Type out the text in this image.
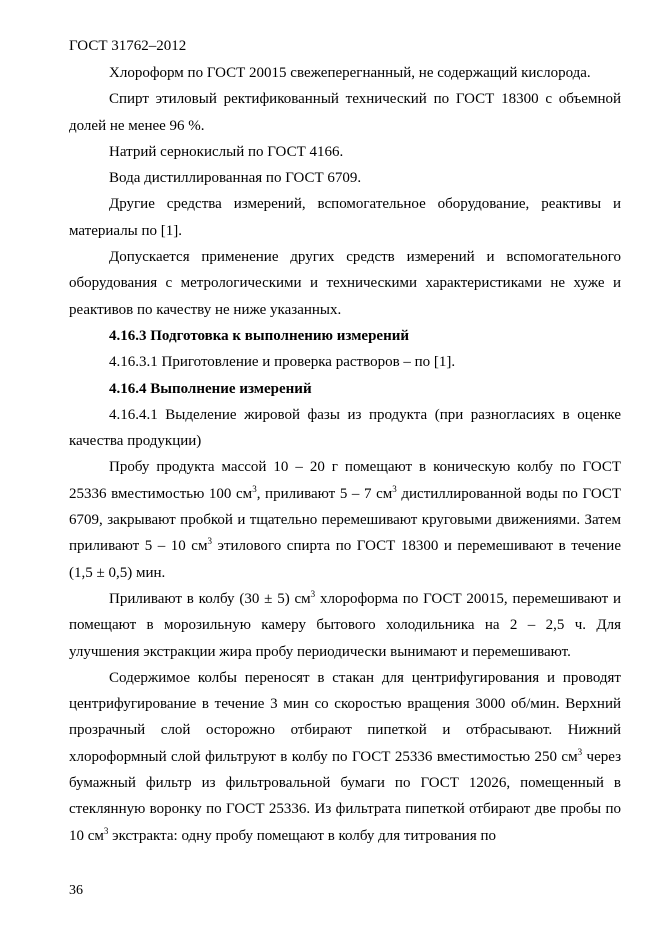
ГОСТ 31762–2012

Хлороформ по ГОСТ 20015 свежеперегнанный, не содержащий кислорода.

Спирт этиловый ректификованный технический по ГОСТ 18300 с объемной долей не менее 96 %.

Натрий сернокислый по ГОСТ 4166.

Вода дистиллированная по ГОСТ 6709.

Другие средства измерений, вспомогательное оборудование, реактивы и материалы по [1].

Допускается применение других средств измерений и вспомогательного оборудования с метрологическими и техническими характеристиками не хуже и реактивов по качеству не ниже указанных.

4.16.3 Подготовка к выполнению измерений

4.16.3.1 Приготовление и проверка растворов – по [1].

4.16.4 Выполнение измерений

4.16.4.1 Выделение жировой фазы из продукта (при разногласиях в оценке качества продукции)

Пробу продукта массой 10 – 20 г помещают в коническую колбу по ГОСТ 25336 вместимостью 100 $см^3$, приливают 5 – 7 $см^3$ дистиллированной воды по ГОСТ 6709, закрывают пробкой и тщательно перемешивают круговыми движениями. Затем приливают 5 – 10 $см^3$ этилового спирта по ГОСТ 18300 и перемешивают в течение (1,5 ± 0,5) мин.

Приливают в колбу (30 ± 5) $см^3$ хлороформа по ГОСТ 20015, перемешивают и помещают в морозильную камеру бытового холодильника на 2 – 2,5 ч. Для улучшения экстракции жира пробу периодически вынимают и перемешивают.

Содержимое колбы переносят в стакан для центрифугирования и проводят центрифугирование в течение 3 мин со скоростью вращения 3000 об/мин. Верхний прозрачный слой осторожно отбирают пипеткой и отбрасывают. Нижний хлороформный слой фильтруют в колбу по ГОСТ 25336 вместимостью 250 $см^3$ через бумажный фильтр из фильтровальной бумаги по ГОСТ 12026, помещенный в стеклянную воронку по ГОСТ 25336. Из фильтрата пипеткой отбирают две пробы по 10 $см^3$ экстракта: одну пробу помещают в колбу для титрования по

36
